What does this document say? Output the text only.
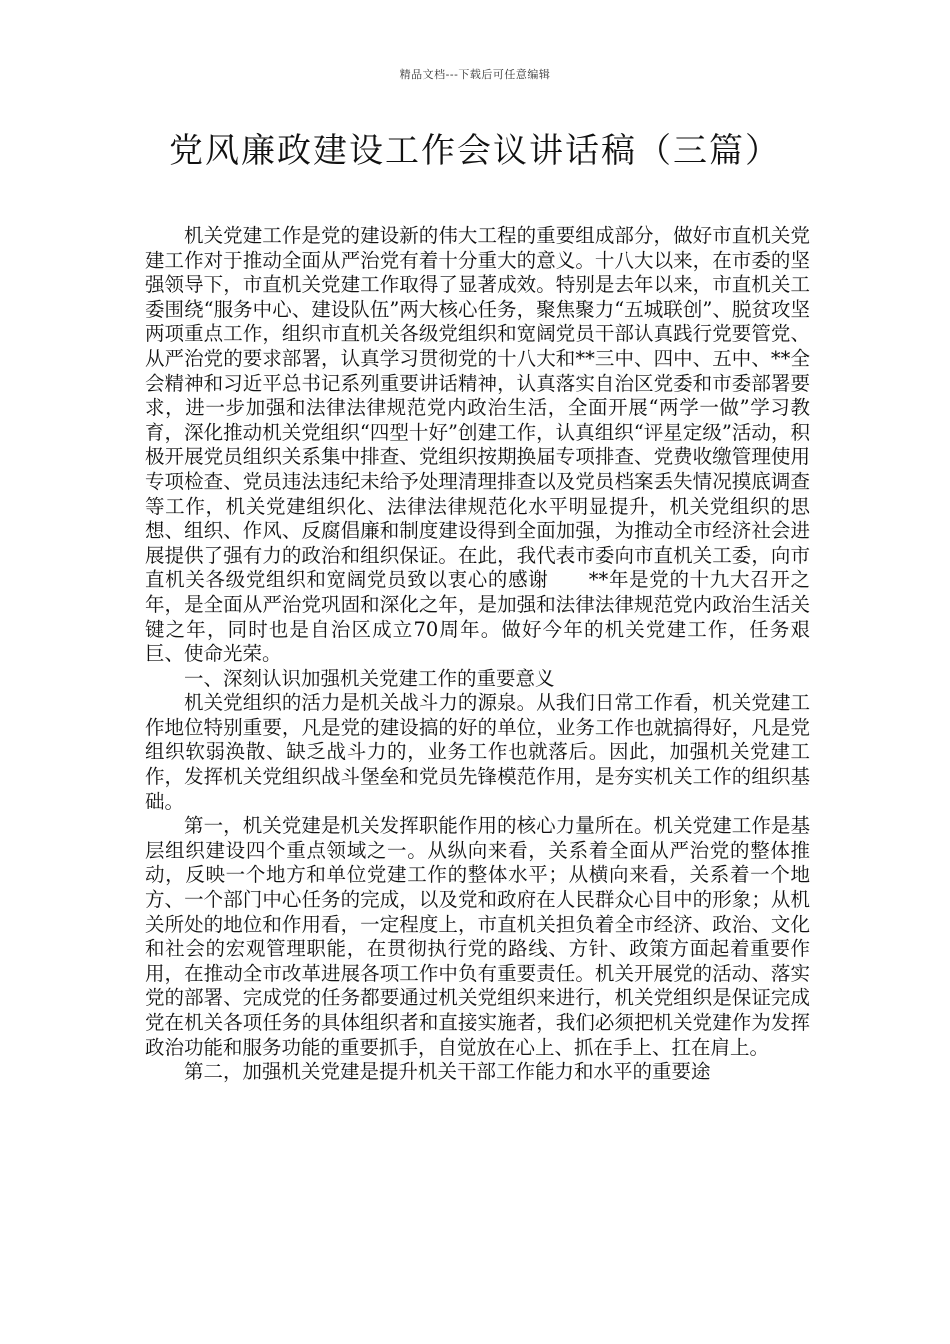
精品文档---下载后可任意编辑
党风廉政建设工作会议讲话稿（三篇）

机关党建工作是党的建设新的伟大工程的重要组成部分，做好市直机关党建工作对于推动全面从严治党有着十分重大的意义。十八大以来，在市委的坚强领导下，市直机关党建工作取得了显著成效。特别是去年以来，市直机关工委围绕“服务中心、建设队伍”两大核心任务，聚焦聚力“五城联创”、脱贫攻坚两项重点工作，组织市直机关各级党组织和宽阔党员干部认真践行党要管党、从严治党的要求部署，认真学习贯彻党的十八大和**三中、四中、五中、**全会精神和习近平总书记系列重要讲话精神，认真落实自治区党委和市委部署要求，进一步加强和法律法律规范党内政治生活，全面开展“两学一做”学习教育，深化推动机关党组织“四型十好”创建工作，认真组织“评星定级”活动，积极开展党员组织关系集中排查、党组织按期换届专项排查、党费收缴管理使用专项检查、党员违法违纪未给予处理清理排查以及党员档案丢失情况摸底调查等工作，机关党建组织化、法律法律规范化水平明显提升，机关党组织的思想、组织、作风、反腐倡廉和制度建设得到全面加强，为推动全市经济社会进展提供了强有力的政治和组织保证。在此，我代表市委向市直机关工委，向市直机关各级党组织和宽阔党员致以衷心的感谢　　**年是党的十九大召开之年，是全面从严治党巩固和深化之年，是加强和法律法律规范党内政治生活关键之年，同时也是自治区成立70周年。做好今年的机关党建工作，任务艰巨、使命光荣。

一、深刻认识加强机关党建工作的重要意义

机关党组织的活力是机关战斗力的源泉。从我们日常工作看，机关党建工作地位特别重要，凡是党的建设搞的好的单位，业务工作也就搞得好，凡是党组织软弱涣散、缺乏战斗力的，业务工作也就落后。因此，加强机关党建工作，发挥机关党组织战斗堡垒和党员先锋模范作用，是夯实机关工作的组织基础。

第一，机关党建是机关发挥职能作用的核心力量所在。机关党建工作是基层组织建设四个重点领域之一。从纵向来看，关系着全面从严治党的整体推动，反映一个地方和单位党建工作的整体水平；从横向来看，关系着一个地方、一个部门中心任务的完成，以及党和政府在人民群众心目中的形象；从机关所处的地位和作用看，一定程度上，市直机关担负着全市经济、政治、文化和社会的宏观管理职能，在贯彻执行党的路线、方针、政策方面起着重要作用，在推动全市改革进展各项工作中负有重要责任。机关开展党的活动、落实党的部署、完成党的任务都要通过机关党组织来进行，机关党组织是保证完成党在机关各项任务的具体组织者和直接实施者，我们必须把机关党建作为发挥政治功能和服务功能的重要抓手，自觉放在心上、抓在手上、扛在肩上。

第二，加强机关党建是提升机关干部工作能力和水平的重要途
